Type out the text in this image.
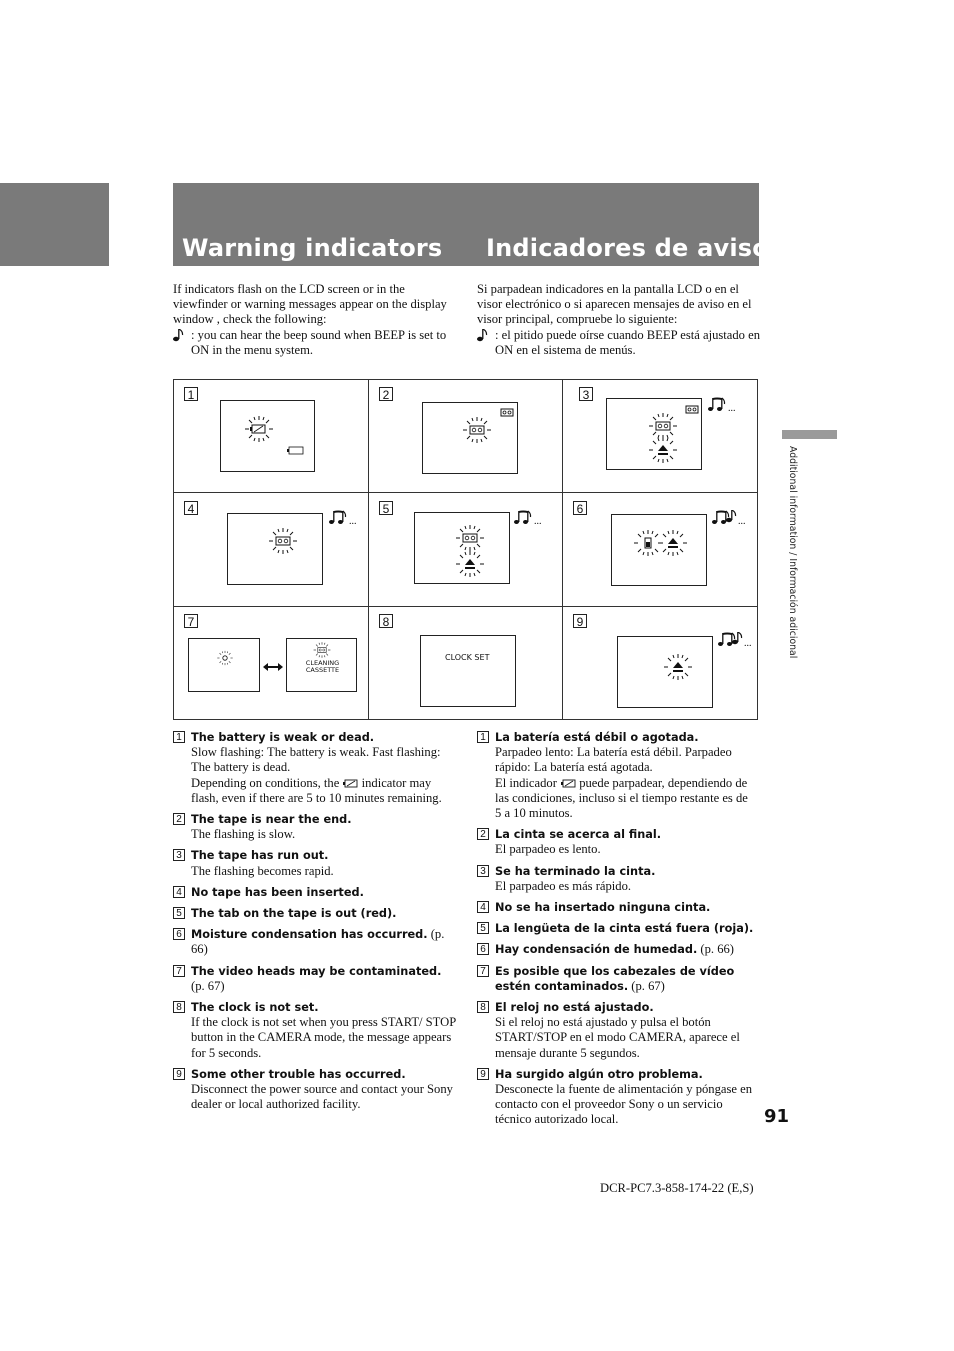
Warning indicators Indicadores de aviso

If indicators flash on the LCD screen or in the viewfinder or warning messages appear on the display window , check the following:

: you can hear the beep sound when BEEP is set to ON in the menu system.

Si parpadean indicadores en la pantalla LCD o en el visor electrónico o si aparecen mensajes de aviso en el visor principal, compruebe lo siguiente:

: el pitido puede oírse cuando BEEP está ajustado en ON en el sistema de menús.
1	2	3
...
4
...
5
...
6
...
7
CLEANING
CASSETTE
8
CLOCK SET
9
...
1 The battery is weak or dead.
Slow flashing: The battery is weak. Fast flashing: The battery is dead.
Depending on conditions, the  indicator may flash, even if there are 5 to 10 minutes remaining.
2 The tape is near the end.
The flashing is slow.
3 The tape has run out.
The flashing becomes rapid.
4 No tape has been inserted.
5 The tab on the tape is out (red).
6 Moisture condensation has occurred. (p. 66)
7 The video heads may be contaminated.
(p. 67)
8 The clock is not set.
If the clock is not set when you press START/ STOP button in the CAMERA mode, the message appears for 5 seconds.
9 Some other trouble has occurred.
Disconnect the power source and contact your Sony dealer or local authorized facility.
1 La batería está débil o agotada.
Parpadeo lento: La batería está débil. Parpadeo rápido: La batería está agotada.
El indicador  puede parpadear, dependiendo de las condiciones, incluso si el tiempo restante es de 5 a 10 minutos.
2 La cinta se acerca al final.
El parpadeo es lento.
3 Se ha terminado la cinta.
El parpadeo es más rápido.
4 No se ha insertado ninguna cinta.
5 La lengüeta de la cinta está fuera (roja).
6 Hay condensación de humedad. (p. 66)
7 Es posible que los cabezales de vídeo estén contaminados. (p. 67)
8 El reloj no está ajustado.
Si el reloj no está ajustado y pulsa el botón START/STOP en el modo CAMERA, aparece el mensaje durante 5 segundos.
9 Ha surgido algún otro problema.
Desconecte la fuente de alimentación y póngase en contacto con el proveedor Sony o un servicio técnico autorizado local.
Additional information / Información adicional
91
DCR-PC7.3-858-174-22 (E,S)
